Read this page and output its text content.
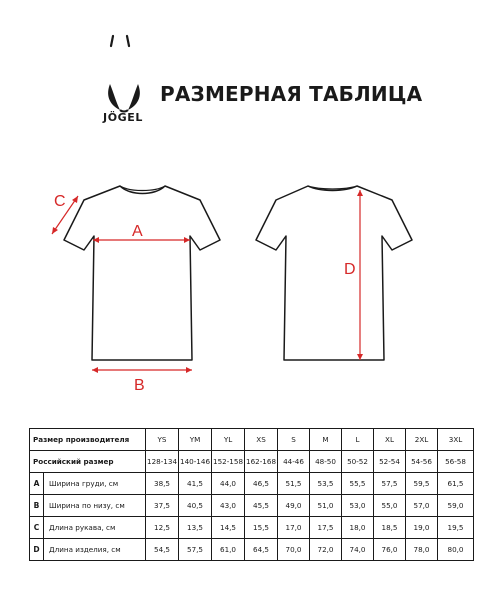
JÖGEL
РАЗМЕРНАЯ ТАБЛИЦА
A
B
C
D
Размер производителя		YS	YM	YL	XS	S	M	L	XL	2XL	3XL
Российский размер		128-134	140-146	152-158	162-168	44-46	48-50	50-52	52-54	54-56	56-58
A	Ширина груди, см	38,5	41,5	44,0	46,5	51,5	53,5	55,5	57,5	59,5	61,5
B	Ширина по низу, см	37,5	40,5	43,0	45,5	49,0	51,0	53,0	55,0	57,0	59,0
C	Длина рукава, см	12,5	13,5	14,5	15,5	17,0	17,5	18,0	18,5	19,0	19,5
D	Длина изделия, см	54,5	57,5	61,0	64,5	70,0	72,0	74,0	76,0	78,0	80,0
